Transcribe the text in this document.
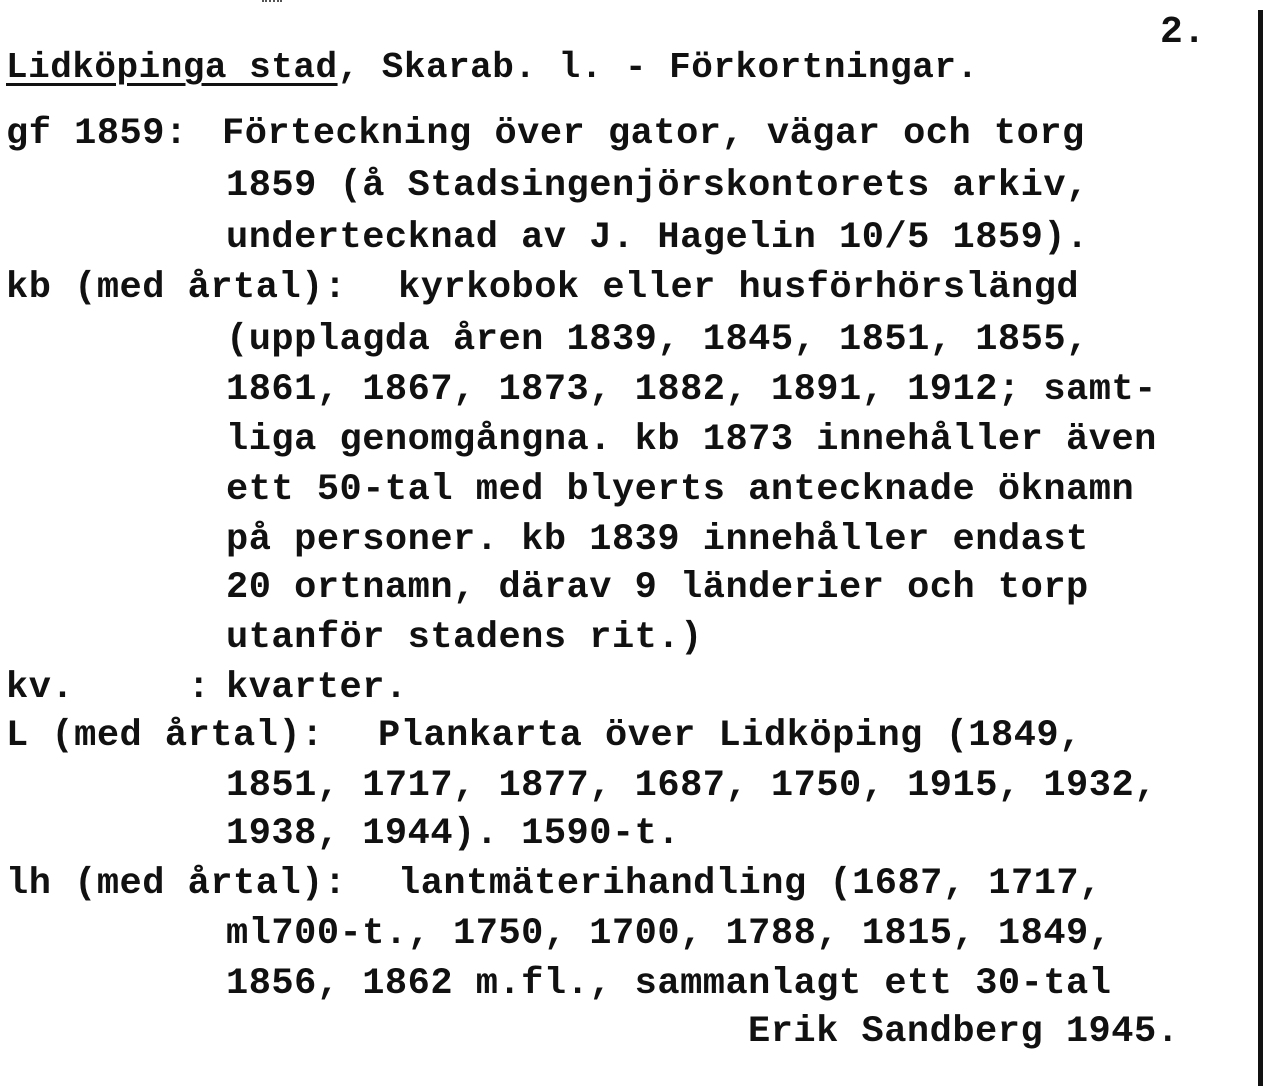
2.
Lidköpinga stad, Skarab. l. - Förkortningar.
gf 1859: Förteckning över gator, vägar och torg
1859 (å Stadsingenjörskontorets arkiv,
undertecknad av J. Hagelin 10/5 1859).
kb (med årtal): kyrkobok eller husförhörslängd
(upplagda åren 1839, 1845, 1851, 1855,
1861, 1867, 1873, 1882, 1891, 1912; samt-
liga genomgångna. kb 1873 innehåller även
ett 50-tal med blyerts antecknade öknamn
på personer. kb 1839 innehåller endast
20 ortnamn, därav 9 länderier och torp
utanför stadens rit.)
kv.     : kvarter.
L (med årtal): Plankarta över Lidköping (1849,
1851, 1717, 1877, 1687, 1750, 1915, 1932,
1938, 1944). 1590-t.
lh (med årtal): lantmäterihandling (1687, 1717,
ml700-t., 1750, 1700, 1788, 1815, 1849,
1856, 1862 m.fl., sammanlagt ett 30-tal
Erik Sandberg 1945.
